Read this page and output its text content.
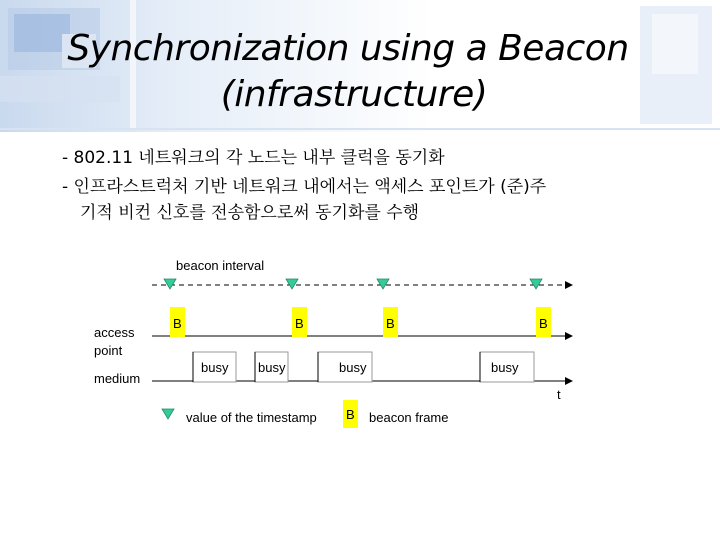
Synchronization using a Beacon
(infrastructure)
- 802.11 네트워크의 각 노드는 내부 클럭을 동기화
- 인프라스트럭처 기반 네트워크 내에서는 액세스 포인트가 (준)주
기적 비컨 신호를 전송함으로써 동기화를 수행
beacon interval
access
point
medium
t
B	B	B	B
busy busy	busy	busy
value of the timestamp B beacon frame
